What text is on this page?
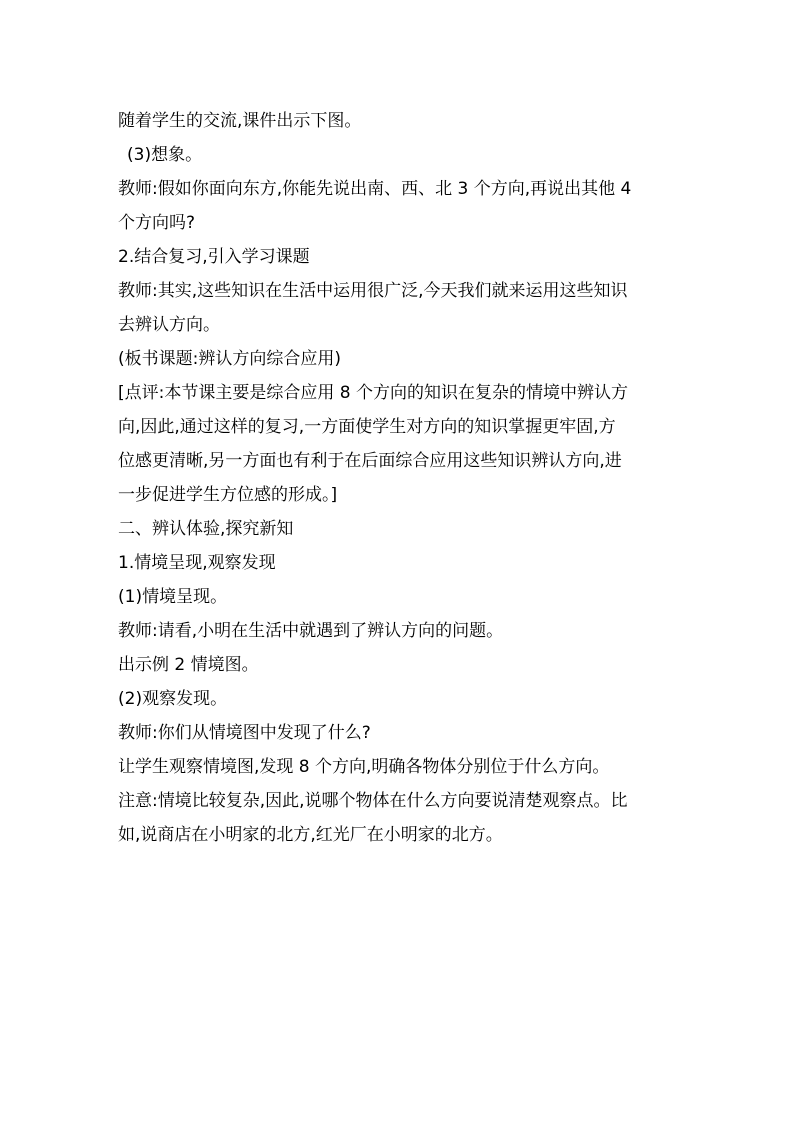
随着学生的交流,课件出示下图。
(3)想象。
教师:假如你面向东方,你能先说出南、西、北 3 个方向,再说出其他 4
个方向吗?
2.结合复习,引入学习课题
教师:其实,这些知识在生活中运用很广泛,今天我们就来运用这些知识
去辨认方向。
(板书课题:辨认方向综合应用)
[点评:本节课主要是综合应用 8 个方向的知识在复杂的情境中辨认方
向,因此,通过这样的复习,一方面使学生对方向的知识掌握更牢固,方
位感更清晰,另一方面也有利于在后面综合应用这些知识辨认方向,进
一步促进学生方位感的形成。]
二、辨认体验,探究新知
1.情境呈现,观察发现
(1)情境呈现。
教师:请看,小明在生活中就遇到了辨认方向的问题。
出示例 2 情境图。
(2)观察发现。
教师:你们从情境图中发现了什么?
让学生观察情境图,发现 8 个方向,明确各物体分别位于什么方向。
注意:情境比较复杂,因此,说哪个物体在什么方向要说清楚观察点。比
如,说商店在小明家的北方,红光厂在小明家的北方。
